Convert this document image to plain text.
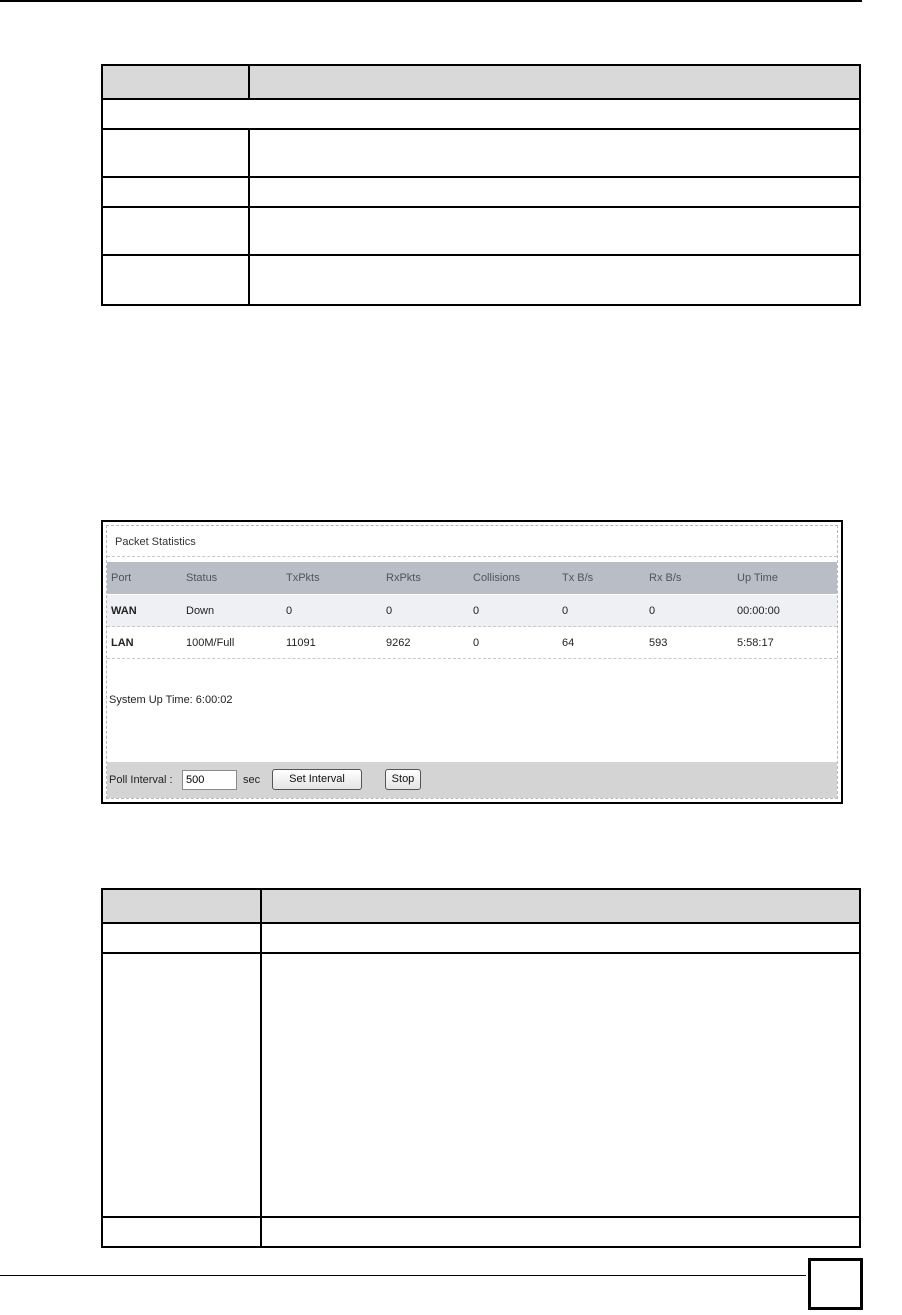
Packet Statistics
Port	Status	TxPkts	RxPkts	Collisions	Tx B/s	Rx B/s	Up Time
WAN	Down	0	0	0	0	0	00:00:00
LAN	100M/Full	11091	9262	0	64	593	5:58:17
System Up Time: 6:00:02
Poll Interval :
500	sec	Set Interval	Stop
